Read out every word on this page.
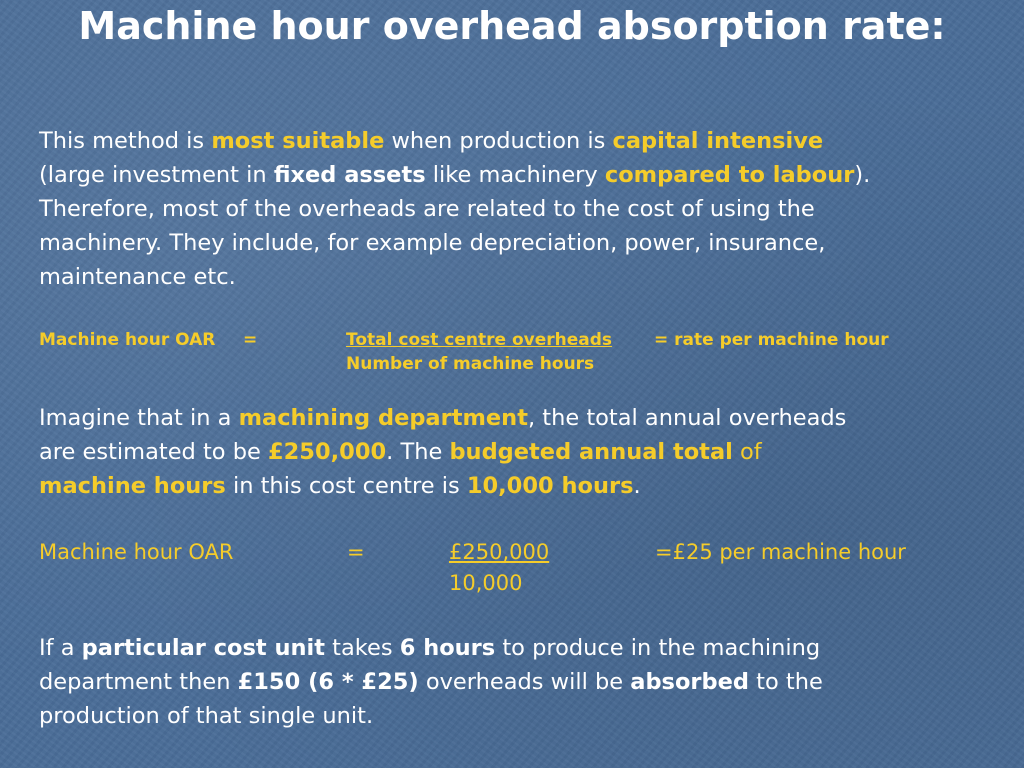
Machine hour overhead absorption rate:
This method is most suitable when production is capital intensive
(large investment in fixed assets like machinery compared to labour).
Therefore, most of the overheads are related to the cost of using the
machinery. They include, for example depreciation, power, insurance,
maintenance etc.
Machine hour OAR =	Total cost centre overheads = rate per machine hour
Number of machine hours
Imagine that in a machining department, the total annual overheads
are estimated to be £250,000. The budgeted annual total of
machine hours in this cost centre is 10,000 hours.
Machine hour OAR	=	£250,000	=£25 per machine hour
10,000
If a particular cost unit takes 6 hours to produce in the machining
department then £150 (6 * £25) overheads will be absorbed to the
production of that single unit.
